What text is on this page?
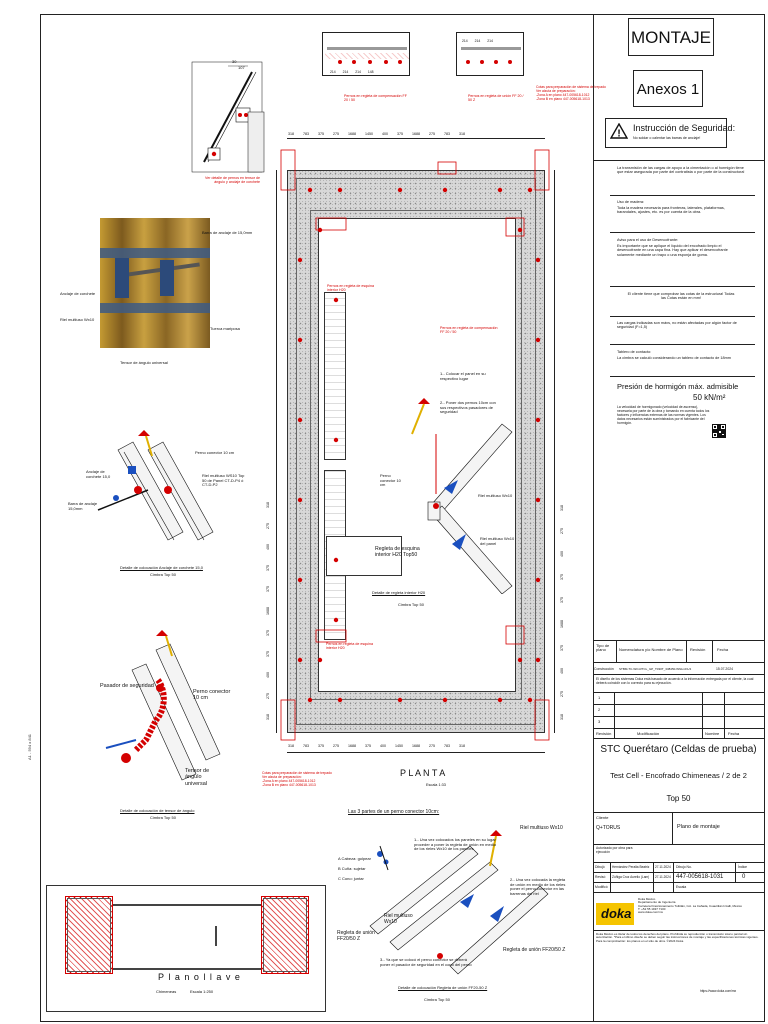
A1 - 594 x 841
MONTAJE
Anexos 1
!
Instrucción de Seguridad:
No soldar o calentar las barras de anclaje!
La transmisión de las cargas de apoyo a la cimentación o al hormigón tiene que estar asegurada por parte del contratista o por parte de la constructora!
Uso de madera:
Toda la madera necesaria para fronteras, laterales, plataformas, barandales, ajustes, etc. es por cuenta de la obra.
Aviso para el uso de Desencofrante:
Es importante que se aplique el líquido del encofrado limpio el desencofrante en una capa fina. Hay que aplicar el desencofrante solamente mediante un trapo o una esponja de goma.
El cliente tiene que comprobar las cotas de la estructura! Todas las Cotas están en mm!
Las cargas indicadas son máxs, no están afectadas por algún factor de seguridad (F=1,5)
Tablero de contacto:
La cimbra se calculó considerando un tablero de contacto de 18mm
Presión de hormigón máx. admisible
50 kN/m²
La velocidad de hormigonado (velocidad de ascenso), necesaria por parte de la obra y tomando en cuenta todos los factores y influencias externas de las normas vigentes. Los datos necesarios están suministrados por el fabricante del hormigón.
Tipo de plano	Nomenclatura y/o Nombre de Plano Revisión	Fecha
Construcción STBM-TC-WO-RTCL_GP_T030T_338450-WNH-0/1/4	15.07.2024
El diseño de los sistemas Doka está basado de acuerdo a la información entregada por el cliente, la cual deberá coincidir con lo correcto para su ejecución.
1
2
3
Revisión	Modificación	Nombre Fecha
STC Querétaro (Celdas de prueba)
Test Cell - Encofrado Chimeneas / 2 de 2
Top 50
Cliente
Q+TORUS	Plano de montaje
Autorizado por obra para ejecución
Dibujó Hernández Peralta Beatriz 27.11.2024 Dibujo No.	Índice
Revisó Zúñiga Cruz Aurelio (Lam) 27.11.2024 447-005618-1031	0
Modificó	Escala
doka
Doka México
Departamento de Ingeniería
Carretera Fraccionamiento Tultitlán, Col. La Cañada, Cuautitlán Izcalli, México
T: +52 55 1937 7100
www.doka.com/mx
Doka México es titular de todos los derechos del plano. Prohibida su reproducción o transmisión total o parcial sin autorización. *Para el último diseño se deben seguir las instrucciones de montaje y las especificaciones técnicas vigentes. Para la comprobación: los planos en el sitio de obra. ©2024 Doka
https://www.doka.com/mx
30
107
Barra de anclaje de 15,0mm
Anclaje de corchete
Riel multiuso Wx10
Tuerca mariposa
Tensor de ángulo universal
Perno conector 10 cm
Anclaje de corchete 15,0
Barra de anclaje 15,0mm
Riel multiuso WS10 Top 50 de Panel CT-D-P4 ó CT-D-P2
Detalle de colocación Anclaje de corchete 15,0
Cimbra Top 50
Pasador de seguridad
Perno conector 10 cm
Tensor de ángulo universal
Detalle de colocación de tensor de ángulo
Cimbra Top 50
214 214 214 148
214 214 214
Pernos en regleta de compensación FF 20 / 50
Pernos en regleta de unión FF 20 / 50 Z
Cotas para preparación de sistema de trepado
Ver alzuta de preparación:
-Zona A en plano 447-005618-1012
-Zona B en plano 447-005618-1013
Ver detalle de pernos en tensor de ángulo y anclaje de corchete
318	783	375	275	1688	1450	400	375	1688	275	783	318
318	783	375	275	1688	375	400	1450	1688	275	783	318
318 275 400 375 375 1688 375 375 400 275 318
318 275 400 375 1688 375 375 400 275 318
Pernos en regleta de esquina interior H20
Pernos en regleta de compensación FF 20 / 50
Pernos en regleta de esquina interior H20
Cotas para preparación de sistema de trepado
Ver alzuta de preparación:
-Zona A en plano 447-005618-1012
-Zona B en plano 447-005618-1013
P L A N T A
Escala 1:33
1.- Colocar el panel en su respectivo lugar
2.- Poner dos pernos 10cm con sus respectivos pasadores de seguridad
Perno conector 10 cm
Riel multiuso Wx10
Riel multiuso Wx10 del panel
Regleta de esquina interior H20 Top50
Detalle de regleta interior H20
Cimbra Top 50
Las 3 partes de un perno conector 10cm:
A Cabeza: golpear
B Cuña: sujetar
C Cono: juntar
1.- Una vez colocados los paneles en su lugar proceder a poner la regleta de unión en medio de los rieles Wx10 de los paneles
2.- Una vez colocada la regleta de unión en medio de los rieles poner el perno conector en las barrenas del riel
3.- Ya que se colocó el perno conector se deberá poner el pasador de seguridad en el cono del perno
Riel multiuso Wx10
Riel multiuso Wx10
Regleta de unión FF20/50 Z
Regleta de unión FF20/50 Z
Detalle de colocación Regleta de unión FF20-50 Z
Cimbra Top 50
P l a n o l l a v e
Chimeneas	Escala 1:250
